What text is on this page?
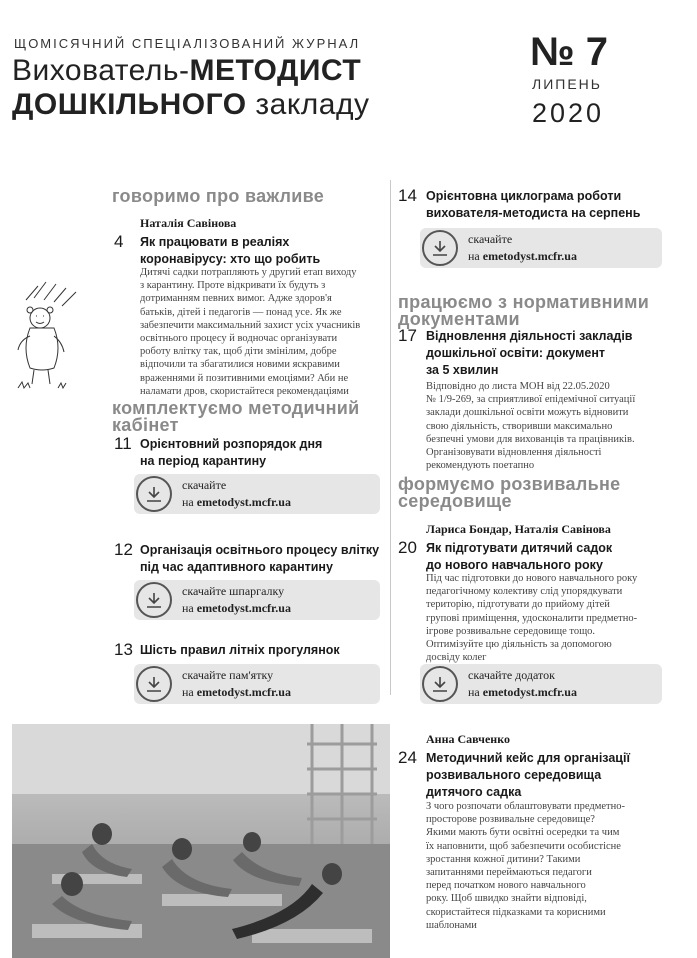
ЩОМІСЯЧНИЙ СПЕЦІАЛІЗОВАНИЙ ЖУРНАЛ
Вихователь-МЕТОДИСТ
ДОШКІЛЬНОГО закладу
№ 7
ЛИПЕНЬ
2020
говоримо про важливе
Наталія Савінова
4 Як працювати в реаліях
коронавірусу: хто що робить
Дитячі садки потрапляють у другий етап виходу
з карантину. Проте відкривати їх будуть з
дотриманням певних вимог. Адже здоров'я
батьків, дітей і педагогів — понад усе. Як же
забезпечити максимальний захист усіх учасників
освітнього процесу й водночас організувати
роботу влітку так, щоб діти змінілим, добре
відпочили та збагатилися новими яскравими
враженнями й позитивними емоціями? Аби не
наламати дров, скористайтеся рекомендаціями
комплектуємо методичний
кабінет
11 Орієнтовний розпорядок дня
на період карантину
скачайте
на emetodyst.mcfr.ua
12 Організація освітнього процесу влітку
під час адаптивного карантину
скачайте шпаргалку
на emetodyst.mcfr.ua
13 Шість правил літніх прогулянок
скачайте пам'ятку
на emetodyst.mcfr.ua
14 Орієнтовна циклограма роботи
вихователя-методиста на серпень
скачайте
на emetodyst.mcfr.ua
працюємо з нормативними
документами
17 Відновлення діяльності закладів
дошкільної освіти: документ
за 5 хвилин
Відповідно до листа МОН від 22.05.2020
№ 1/9-269, за сприятливої епідемічної ситуації
заклади дошкільної освіти можуть відновити
свою діяльність, створивши максимально
безпечні умови для вихованців та працівників.
Організовувати відновлення діяльності
рекомендують поетапно
формуємо розвивальне
середовище
Лариса Бондар, Наталія Савінова
20 Як підготувати дитячий садок
до нового навчального року
Під час підготовки до нового навчального року
педагогічному колективу слід упорядкувати
територію, підготувати до прийому дітей
групові приміщення, удосконалити предметно-
ігрове розвивальне середовище тощо.
Оптимізуйте цю діяльність за допомогою
досвіду колег
скачайте додаток
на emetodyst.mcfr.ua
Анна Савченко
24 Методичний кейс для організації
розвивального середовища
дитячого садка
З чого розпочати облаштовувати предметно-
просторове розвивальне середовище?
Якими мають бути освітні осередки та чим
їх наповнити, щоб забезпечити особистісне
зростання кожної дитини? Такими
запитаннями переймаються педагоги
перед початком нового навчального
року. Щоб швидко знайти відповіді,
скористайтеся підказками та корисними
шаблонами
